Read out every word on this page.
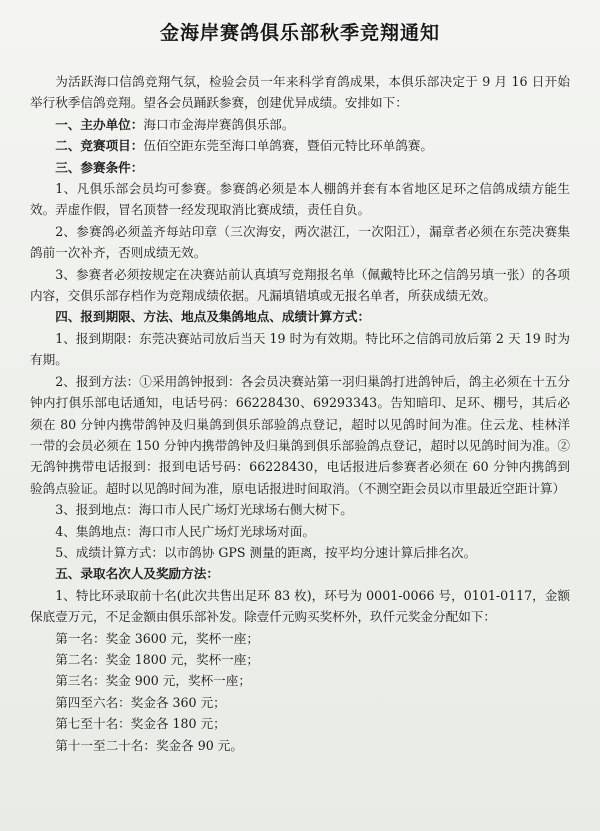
金海岸赛鸽俱乐部秋季竞翔通知

为活跃海口信鸽竞翔气氛，检验会员一年来科学育鸽成果，本俱乐部决定于 9 月 16 日开始举行秋季信鸽竞翔。望各会员踊跃参赛，创建优异成绩。安排如下：

一、主办单位：海口市金海岸赛鸽俱乐部。

二、竞赛项目：伍佰空距东莞至海口单鸽赛，暨佰元特比环单鸽赛。

三、参赛条件：

1、凡俱乐部会员均可参赛。参赛鸽必须是本人棚鸽并套有本省地区足环之信鸽成绩方能生效。弄虚作假，冒名顶替一经发现取消比赛成绩，责任自负。

2、参赛鸽必须盖齐每站印章（三次海安，两次湛江，一次阳江），漏章者必须在东莞决赛集鸽前一次补齐，否则成绩无效。

3、参赛者必须按规定在决赛站前认真填写竞翔报名单（佩戴特比环之信鸽另填一张）的各项内容，交俱乐部存档作为竞翔成绩依据。凡漏填错填或无报名单者，所获成绩无效。

四、报到期限、方法、地点及集鸽地点、成绩计算方式：

1、报到期限：东莞决赛站司放后当天 19 时为有效期。特比环之信鸽司放后第 2 天 19 时为有期。

2、报到方法：①采用鸽钟报到：各会员决赛站第一羽归巢鸽打进鸽钟后，鸽主必须在十五分钟内打俱乐部电话通知，电话号码：66228430、69293343。告知暗印、足环、棚号，其后必须在 80 分钟内携带鸽钟及归巢鸽到俱乐部验鸽点登记，超时以见鸽时间为准。住云龙、桂林洋一带的会员必须在 150 分钟内携带鸽钟及归巢鸽到俱乐部验鸽点登记，超时以见鸽时间为准。②无鸽钟携带电话报到：报到电话号码：66228430，电话报进后参赛者必须在 60 分钟内携鸽到验鸽点验证。超时以见鸽时间为准，原电话报进时间取消。（不测空距会员以市里最近空距计算）

3、报到地点：海口市人民广场灯光球场右侧大树下。

4、集鸽地点：海口市人民广场灯光球场对面。

5、成绩计算方式：以市鸽协 GPS 测量的距离，按平均分速计算后排名次。

五、录取名次人及奖励方法：

1、特比环录取前十名(此次共售出足环 83 枚)，环号为 0001-0066 号，0101-0117，金额保底壹万元，不足金额由俱乐部补发。除壹仟元购买奖杯外，玖仟元奖金分配如下：

第一名：奖金 3600 元，奖杯一座；

第二名：奖金 1800 元，奖杯一座；

第三名：奖金 900 元，奖杯一座；

第四至六名：奖金各 360 元；

第七至十名：奖金各 180 元；

第十一至二十名：奖金各 90 元。
